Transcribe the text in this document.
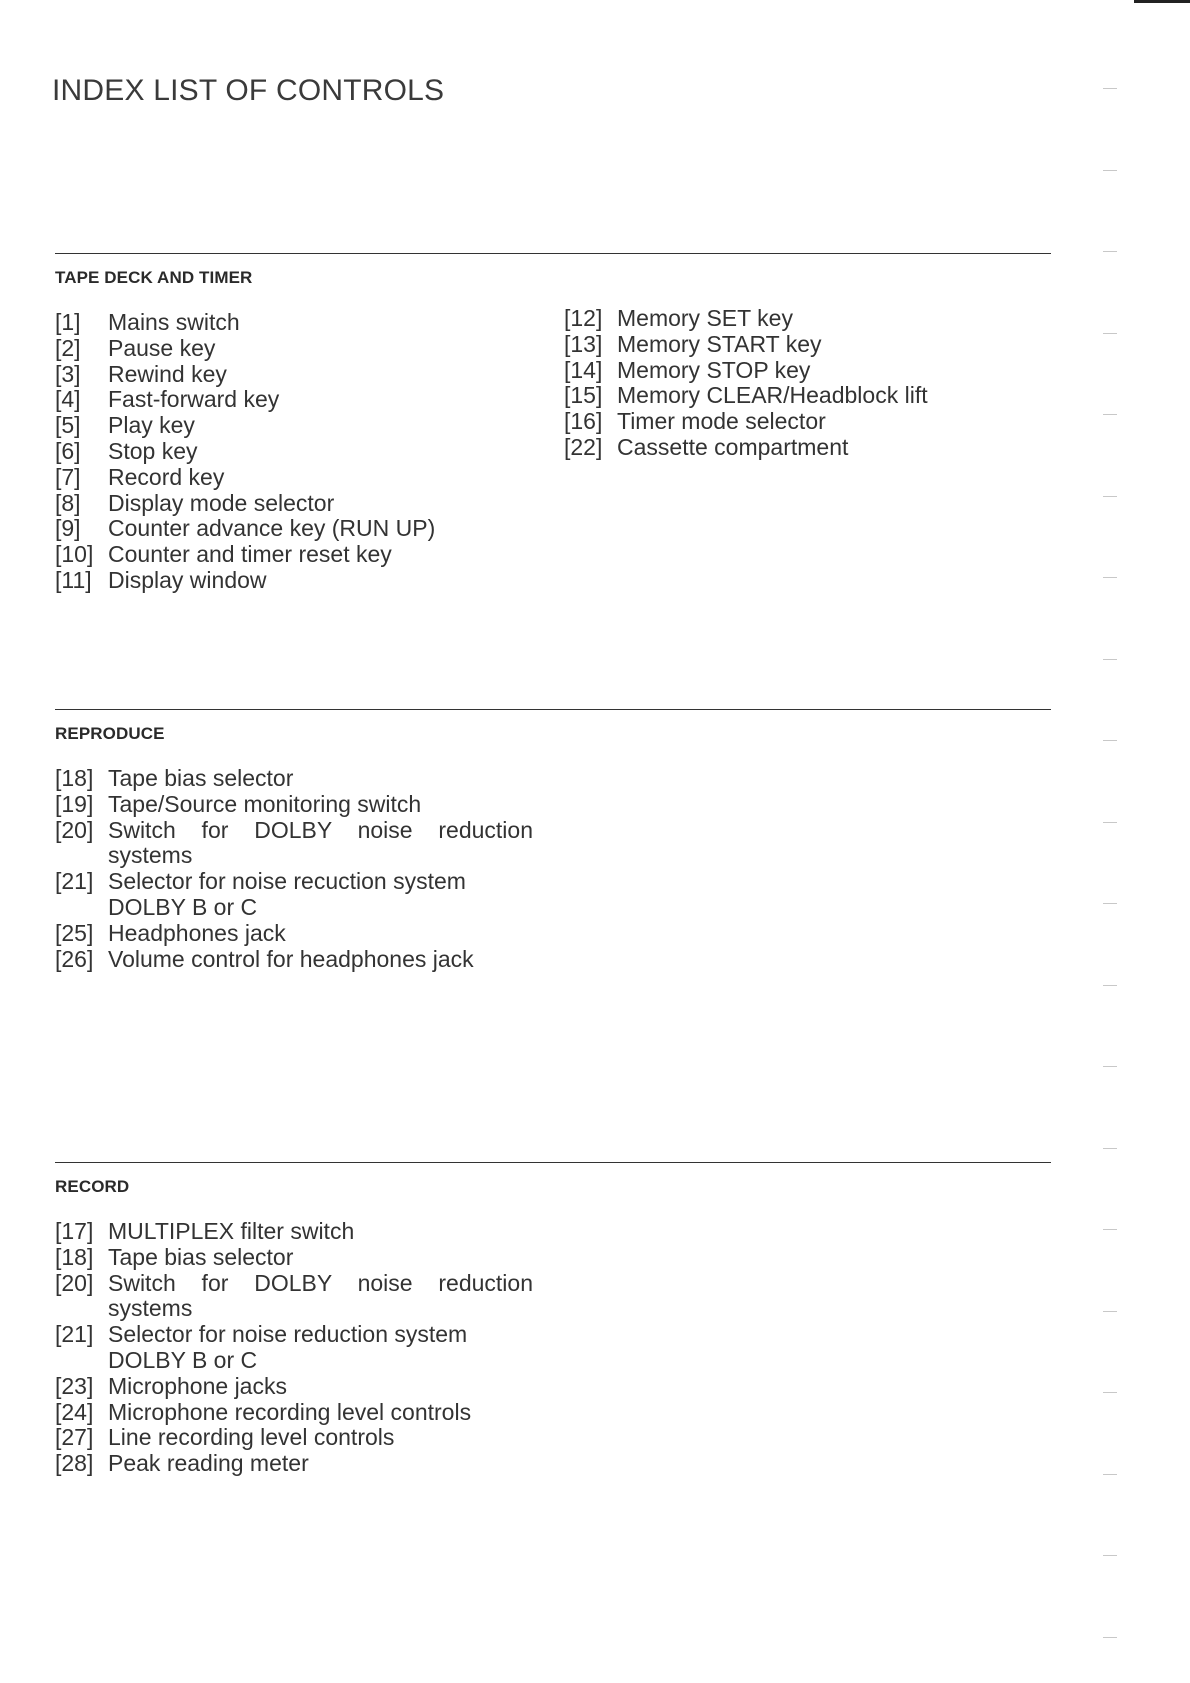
INDEX LIST OF CONTROLS
TAPE DECK AND TIMER
[1]	Mains switch
[2]	Pause key
[3]	Rewind key
[4]	Fast-forward key
[5]	Play key
[6]	Stop key
[7]	Record key
[8]	Display mode selector
[9]	Counter advance key (RUN UP)
[10] Counter and timer reset key
[11] Display window
[12] Memory SET key
[13] Memory START key
[14] Memory STOP key
[15] Memory CLEAR/Headblock lift
[16] Timer mode selector
[22] Cassette compartment
REPRODUCE
[18] Tape bias selector
[19] Tape/Source monitoring switch
[20] Switch for DOLBY noise reduction systems
[21] Selector for noise recuction system DOLBY B or C
[25] Headphones jack
[26] Volume control for headphones jack
RECORD
[17] MULTIPLEX filter switch
[18] Tape bias selector
[20] Switch for DOLBY noise reduction systems
[21] Selector for noise reduction system DOLBY B or C
[23] Microphone jacks
[24] Microphone recording level controls
[27] Line recording level controls
[28] Peak reading meter
